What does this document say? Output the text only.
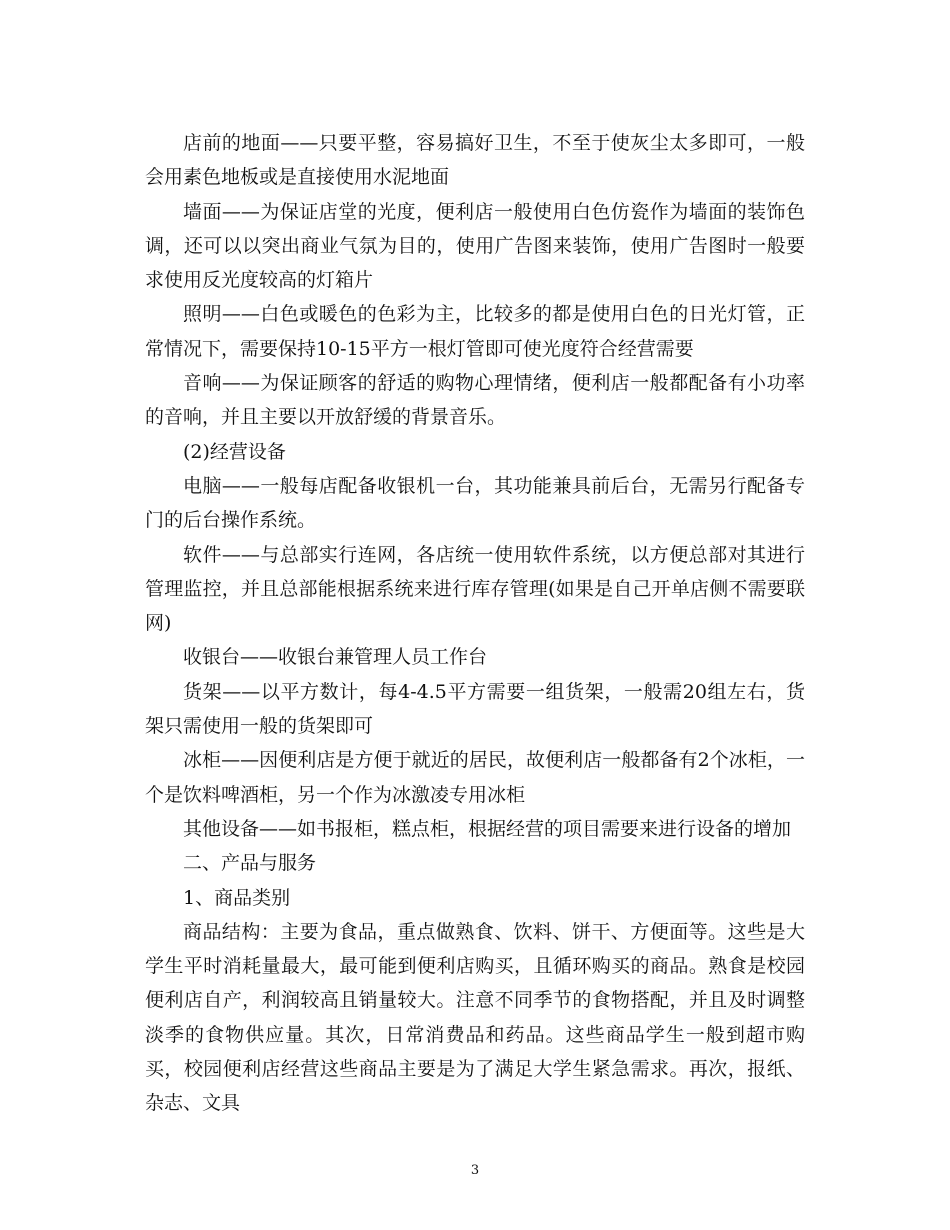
店前的地面——只要平整，容易搞好卫生，不至于使灰尘太多即可，一般会用素色地板或是直接使用水泥地面

墙面——为保证店堂的光度，便利店一般使用白色仿瓷作为墙面的装饰色调，还可以以突出商业气氛为目的，使用广告图来装饰，使用广告图时一般要求使用反光度较高的灯箱片

照明——白色或暖色的色彩为主，比较多的都是使用白色的日光灯管，正常情况下，需要保持10-15平方一根灯管即可使光度符合经营需要

音响——为保证顾客的舒适的购物心理情绪，便利店一般都配备有小功率的音响，并且主要以开放舒缓的背景音乐。

(2)经营设备

电脑——一般每店配备收银机一台，其功能兼具前后台，无需另行配备专门的后台操作系统。

软件——与总部实行连网，各店统一使用软件系统，以方便总部对其进行管理监控，并且总部能根据系统来进行库存管理(如果是自己开单店侧不需要联网)

收银台——收银台兼管理人员工作台

货架——以平方数计，每4-4.5平方需要一组货架，一般需20组左右，货架只需使用一般的货架即可

冰柜——因便利店是方便于就近的居民，故便利店一般都备有2个冰柜，一个是饮料啤酒柜，另一个作为冰激凌专用冰柜

其他设备——如书报柜，糕点柜，根据经营的项目需要来进行设备的增加

二、产品与服务

1、商品类别

商品结构：主要为食品，重点做熟食、饮料、饼干、方便面等。这些是大学生平时消耗量最大，最可能到便利店购买，且循环购买的商品。熟食是校园便利店自产，利润较高且销量较大。注意不同季节的食物搭配，并且及时调整淡季的食物供应量。其次，日常消费品和药品。这些商品学生一般到超市购买，校园便利店经营这些商品主要是为了满足大学生紧急需求。再次，报纸、杂志、文具

3
